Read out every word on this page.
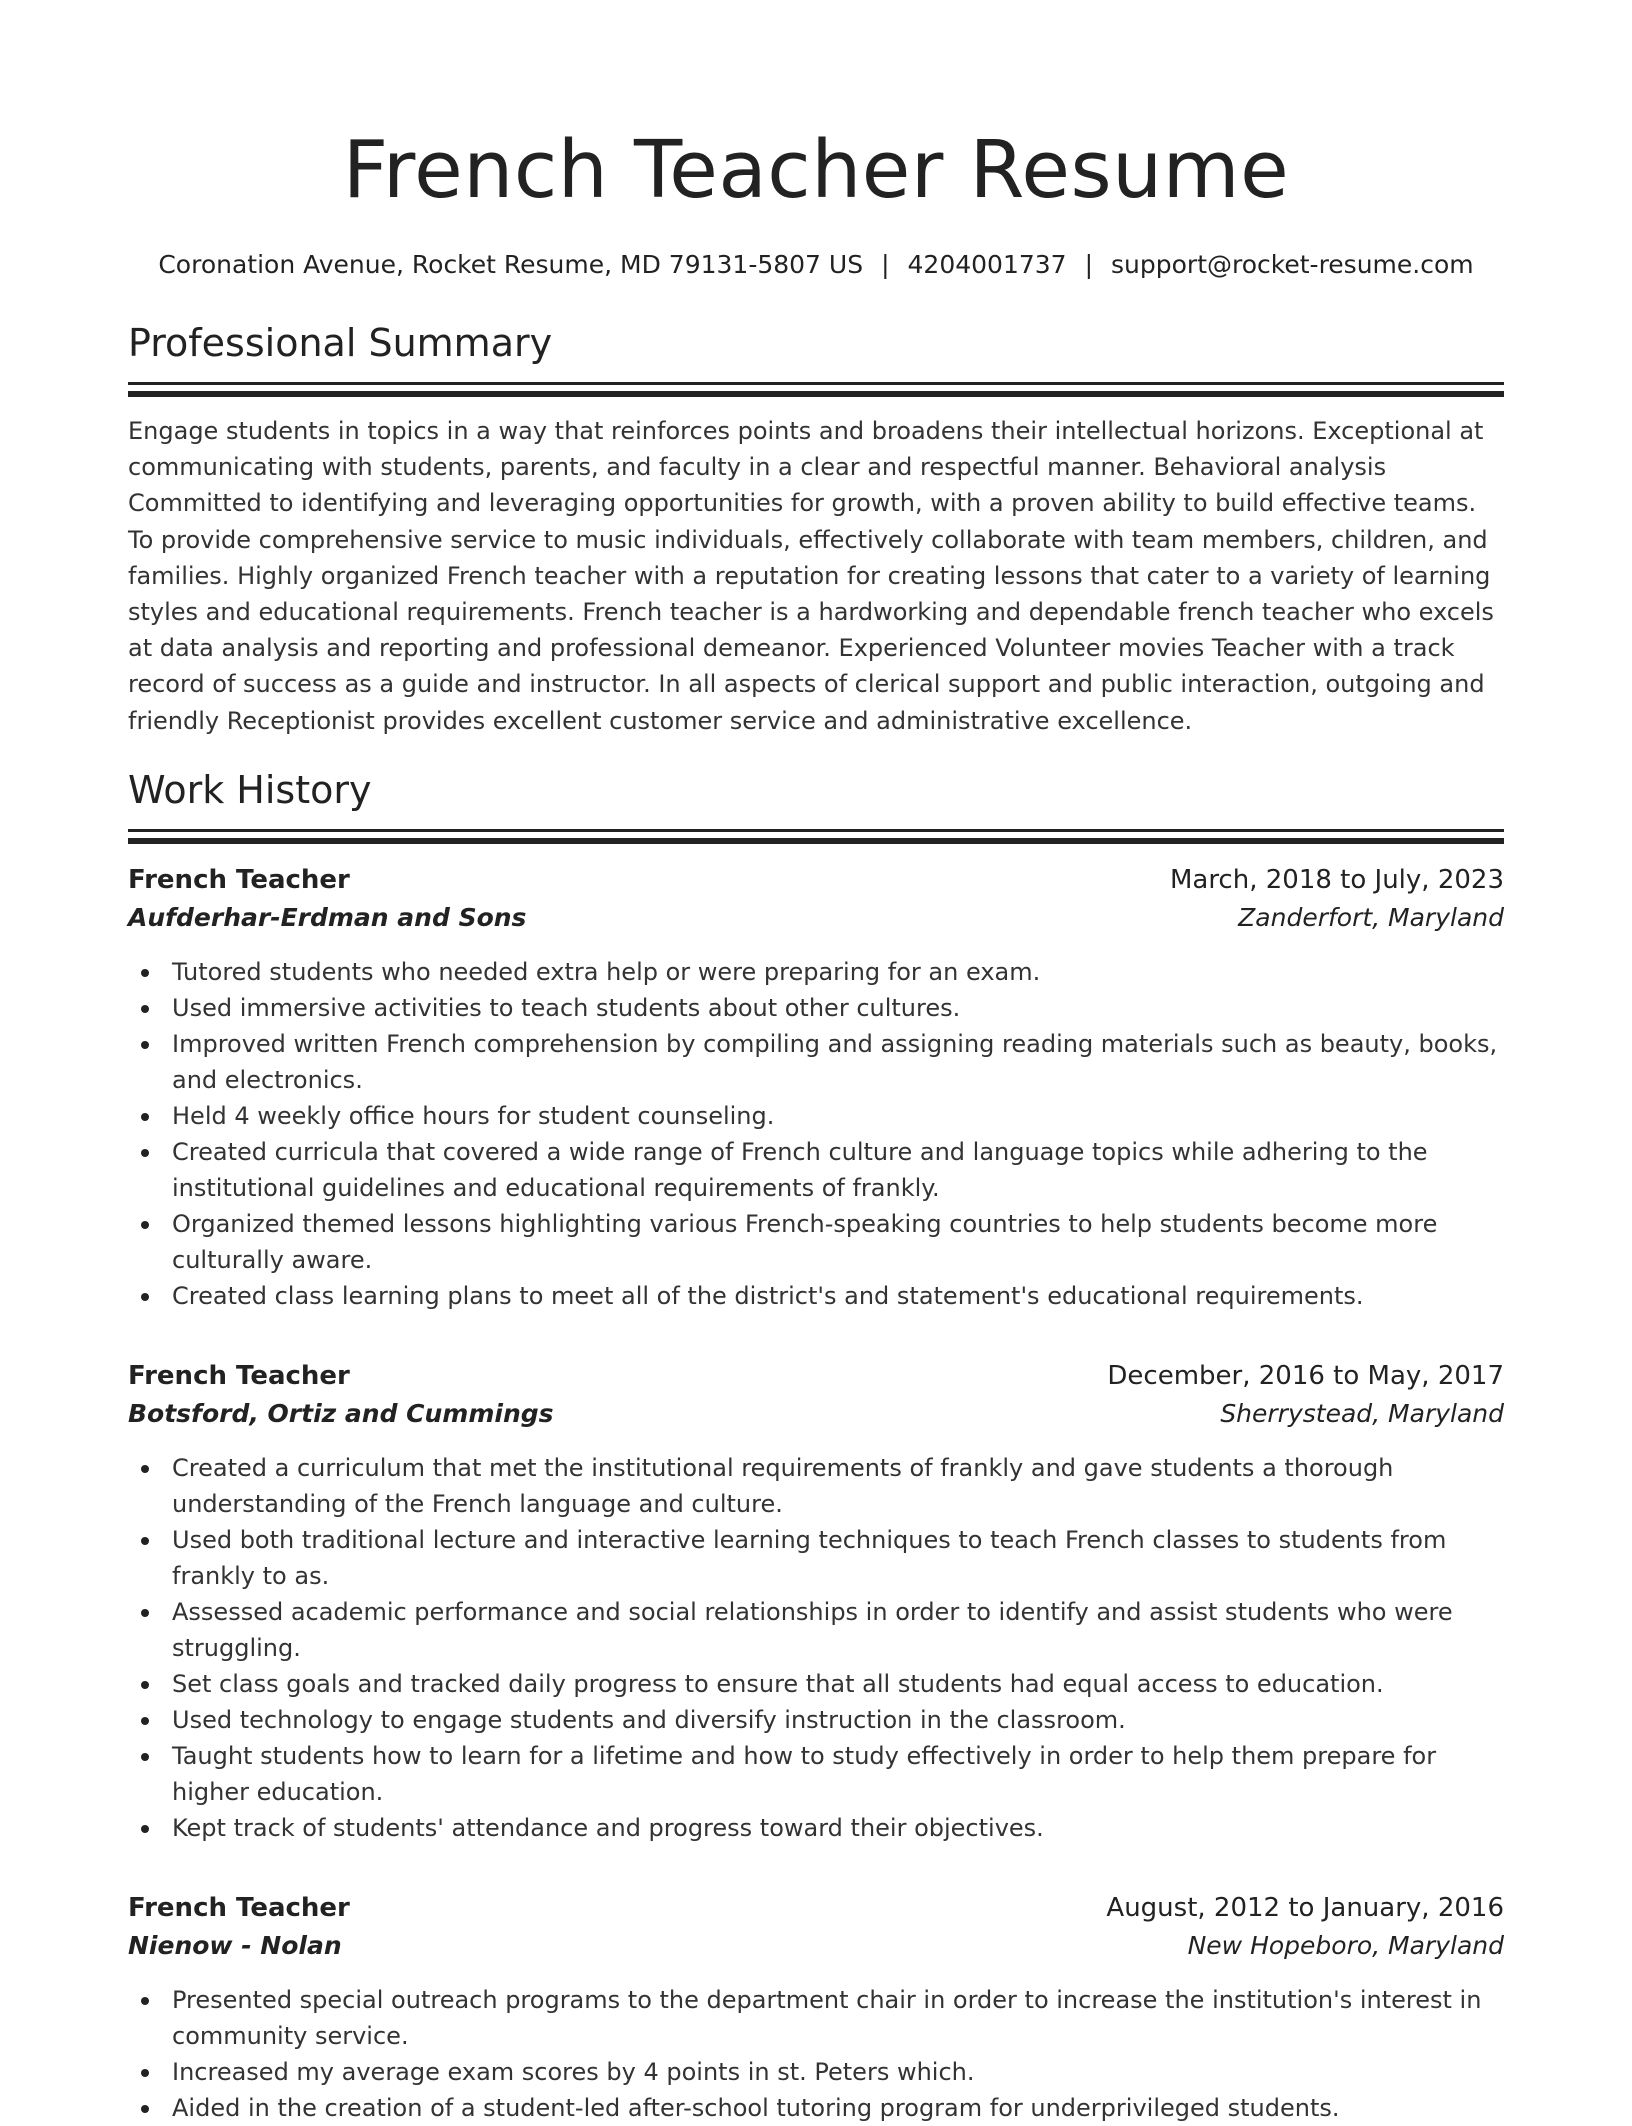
French Teacher Resume
Coronation Avenue, Rocket Resume, MD 79131-5807 US | 4204001737 | support@rocket-resume.com
Professional Summary

Engage students in topics in a way that reinforces points and broadens their intellectual horizons. Exceptional at communicating with students, parents, and faculty in a clear and respectful manner. Behavioral analysis Committed to identifying and leveraging opportunities for growth, with a proven ability to build effective teams. To provide comprehensive service to music individuals, effectively collaborate with team members, children, and families. Highly organized French teacher with a reputation for creating lessons that cater to a variety of learning styles and educational requirements. French teacher is a hardworking and dependable french teacher who excels at data analysis and reporting and professional demeanor. Experienced Volunteer movies Teacher with a track record of success as a guide and instructor. In all aspects of clerical support and public interaction, outgoing and friendly Receptionist provides excellent customer service and administrative excellence.

Work History
French Teacher	March, 2018 to July, 2023
Aufderhar-Erdman and Sons	Zanderfort, Maryland
Tutored students who needed extra help or were preparing for an exam.
Used immersive activities to teach students about other cultures.
Improved written French comprehension by compiling and assigning reading materials such as beauty, books, and electronics.
Held 4 weekly office hours for student counseling.
Created curricula that covered a wide range of French culture and language topics while adhering to the institutional guidelines and educational requirements of frankly.
Organized themed lessons highlighting various French-speaking countries to help students become more culturally aware.
Created class learning plans to meet all of the district's and statement's educational requirements.
French Teacher	December, 2016 to May, 2017
Botsford, Ortiz and Cummings	Sherrystead, Maryland
Created a curriculum that met the institutional requirements of frankly and gave students a thorough understanding of the French language and culture.
Used both traditional lecture and interactive learning techniques to teach French classes to students from frankly to as.
Assessed academic performance and social relationships in order to identify and assist students who were struggling.
Set class goals and tracked daily progress to ensure that all students had equal access to education.
Used technology to engage students and diversify instruction in the classroom.
Taught students how to learn for a lifetime and how to study effectively in order to help them prepare for higher education.
Kept track of students' attendance and progress toward their objectives.
French Teacher	August, 2012 to January, 2016
Nienow - Nolan	New Hopeboro, Maryland
Presented special outreach programs to the department chair in order to increase the institution's interest in community service.
Increased my average exam scores by 4 points in st. Peters which.
Aided in the creation of a student-led after-school tutoring program for underprivileged students.
